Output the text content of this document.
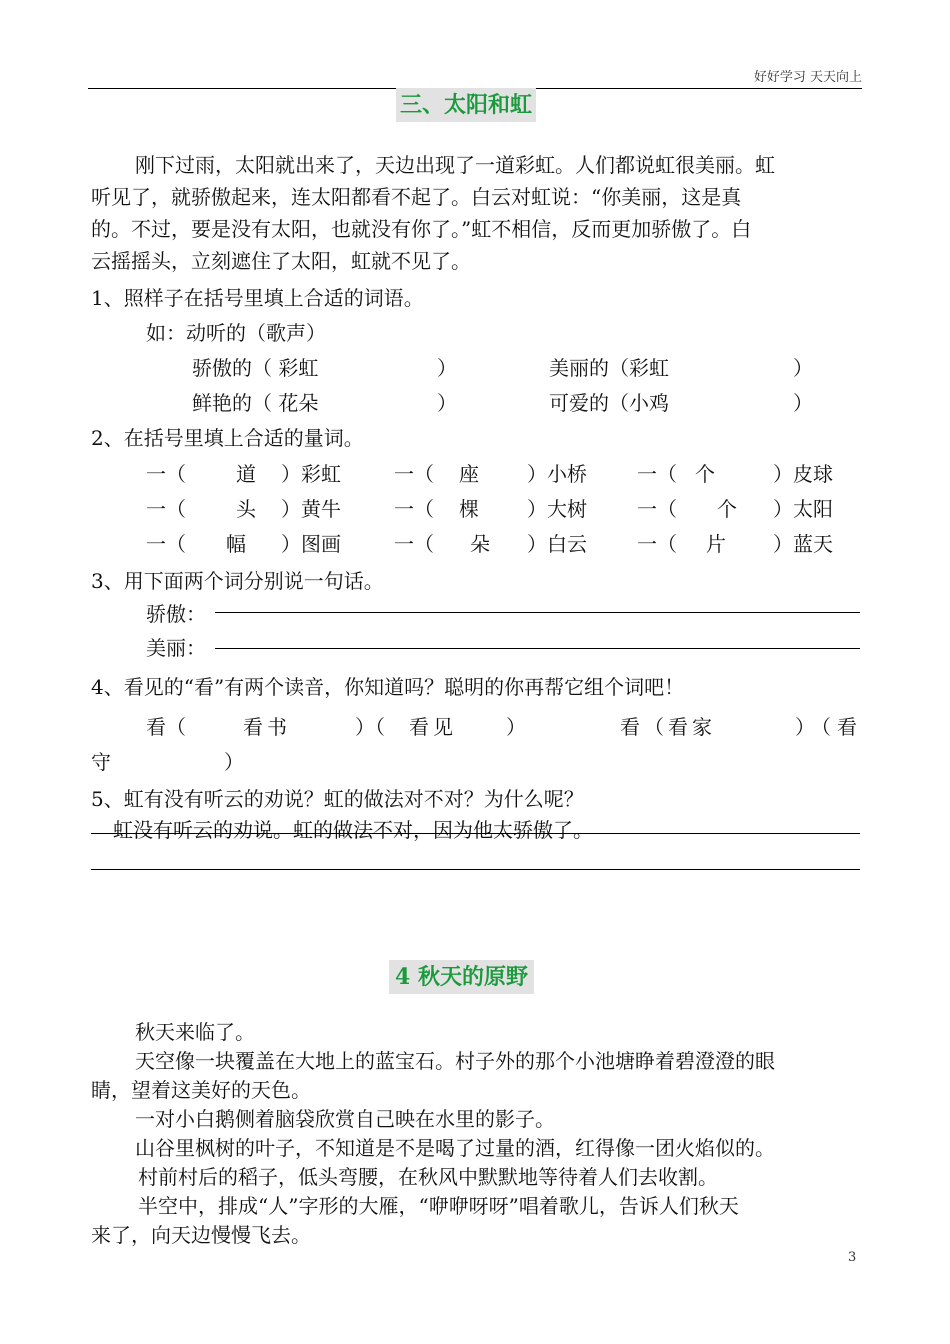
好好学习 天天向上
三、太阳和虹
刚下过雨，太阳就出来了，天边出现了一道彩虹。人们都说虹很美丽。虹
听见了，就骄傲起来，连太阳都看不起了。白云对虹说：“你美丽，这是真
的。不过，要是没有太阳，也就没有你了。”虹不相信，反而更加骄傲了。白
云摇摇头，立刻遮住了太阳，虹就不见了。
1、照样子在括号里填上合适的词语。
如：动听的（歌声）
骄傲的（ 彩虹	）	美丽的（彩虹	）
鲜艳的（ 花朵	）	可爱的（小鸡	）
2、在括号里填上合适的量词。
一（	道 ）彩虹	一（ 座 ）小桥	一（ 个	）皮球
一（	头 ）黄牛	一（ 棵 ）大树	一（ 个 ）太阳
一（ 幅 ）图画	一（ 朵 ）白云	一（ 片 ）蓝天
3、用下面两个词分别说一句话。
骄傲：
美丽：
4、看见的“看”有两个读音，你知道吗？聪明的你再帮它组个词吧！
看（	看书	）（ 看见 ）	看（看家	）（看
守	）
5、虹有没有听云的劝说？虹的做法对不对？为什么呢？
虹没有听云的劝说。虹的做法不对，因为他太骄傲了。
4 秋天的原野
秋天来临了。
天空像一块覆盖在大地上的蓝宝石。村子外的那个小池塘睁着碧澄澄的眼
睛，望着这美好的天色。
一对小白鹅侧着脑袋欣赏自己映在水里的影子。
山谷里枫树的叶子，不知道是不是喝了过量的酒，红得像一团火焰似的。
村前村后的稻子，低头弯腰，在秋风中默默地等待着人们去收割。
半空中，排成“人”字形的大雁，“咿咿呀呀”唱着歌儿，告诉人们秋天
来了，向天边慢慢飞去。
3
